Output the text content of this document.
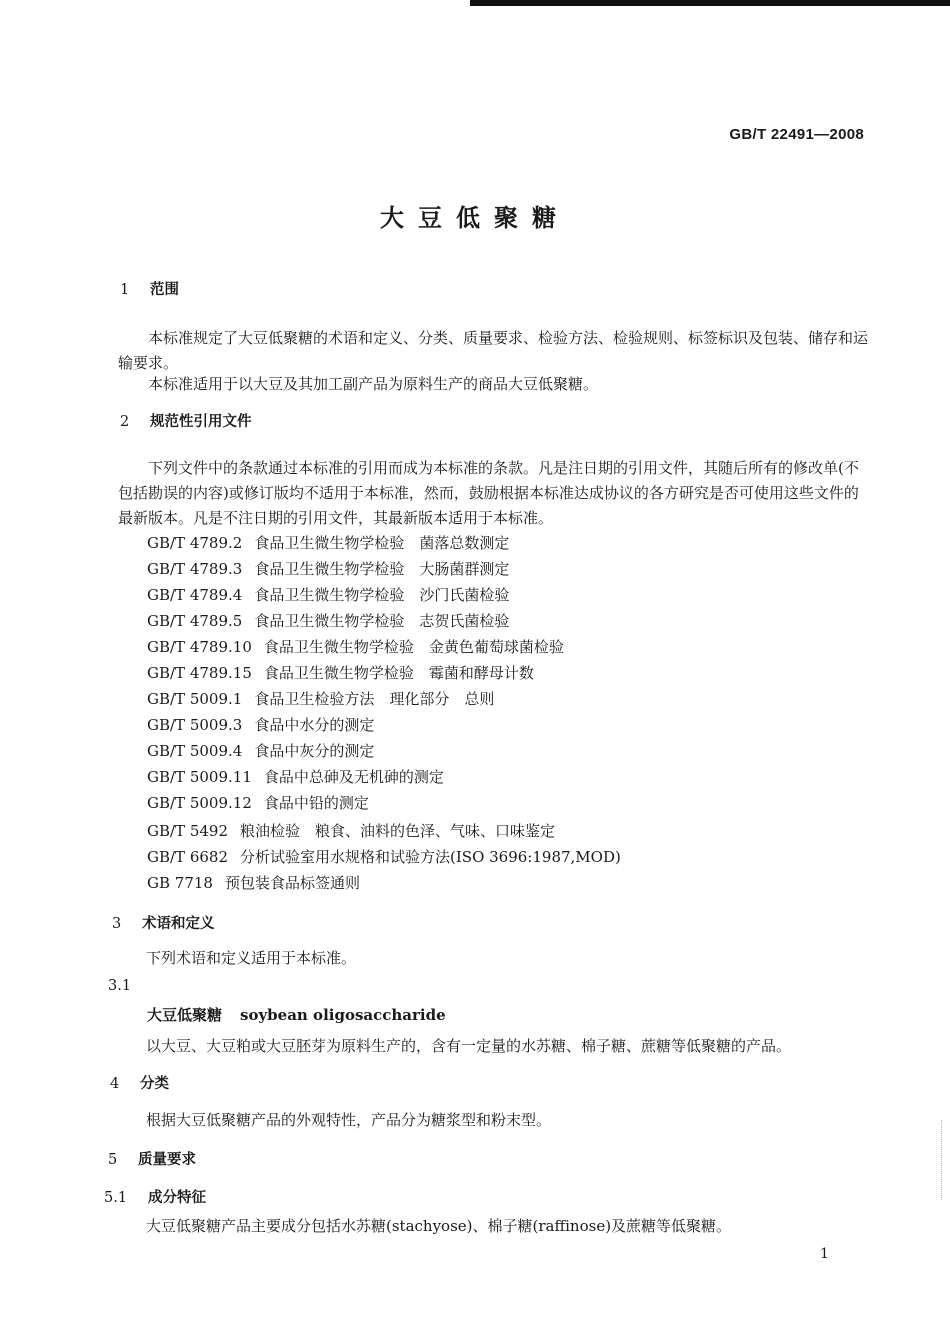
GB/T 22491—2008
大豆低聚糖
1 范围
本标准规定了大豆低聚糖的术语和定义、分类、质量要求、检验方法、检验规则、标签标识及包装、储存和运输要求。
本标准适用于以大豆及其加工副产品为原料生产的商品大豆低聚糖。
2 规范性引用文件
下列文件中的条款通过本标准的引用而成为本标准的条款。凡是注日期的引用文件，其随后所有的修改单(不包括勘误的内容)或修订版均不适用于本标准，然而，鼓励根据本标准达成协议的各方研究是否可使用这些文件的最新版本。凡是不注日期的引用文件，其最新版本适用于本标准。
GB/T 4789.2 食品卫生微生物学检验　菌落总数测定
GB/T 4789.3 食品卫生微生物学检验　大肠菌群测定
GB/T 4789.4 食品卫生微生物学检验　沙门氏菌检验
GB/T 4789.5 食品卫生微生物学检验　志贺氏菌检验
GB/T 4789.10 食品卫生微生物学检验　金黄色葡萄球菌检验
GB/T 4789.15 食品卫生微生物学检验　霉菌和酵母计数
GB/T 5009.1 食品卫生检验方法　理化部分　总则
GB/T 5009.3 食品中水分的测定
GB/T 5009.4 食品中灰分的测定
GB/T 5009.11 食品中总砷及无机砷的测定
GB/T 5009.12 食品中铅的测定
GB/T 5492 粮油检验　粮食、油料的色泽、气味、口味鉴定
GB/T 6682 分析试验室用水规格和试验方法(ISO 3696:1987,MOD)
GB 7718 预包装食品标签通则
3 术语和定义
下列术语和定义适用于本标准。
3.1
大豆低聚糖 soybean oligosaccharide
以大豆、大豆粕或大豆胚芽为原料生产的，含有一定量的水苏糖、棉子糖、蔗糖等低聚糖的产品。
4 分类
根据大豆低聚糖产品的外观特性，产品分为糖浆型和粉末型。
5 质量要求
5.1 成分特征
大豆低聚糖产品主要成分包括水苏糖(stachyose)、棉子糖(raffinose)及蔗糖等低聚糖。
1
